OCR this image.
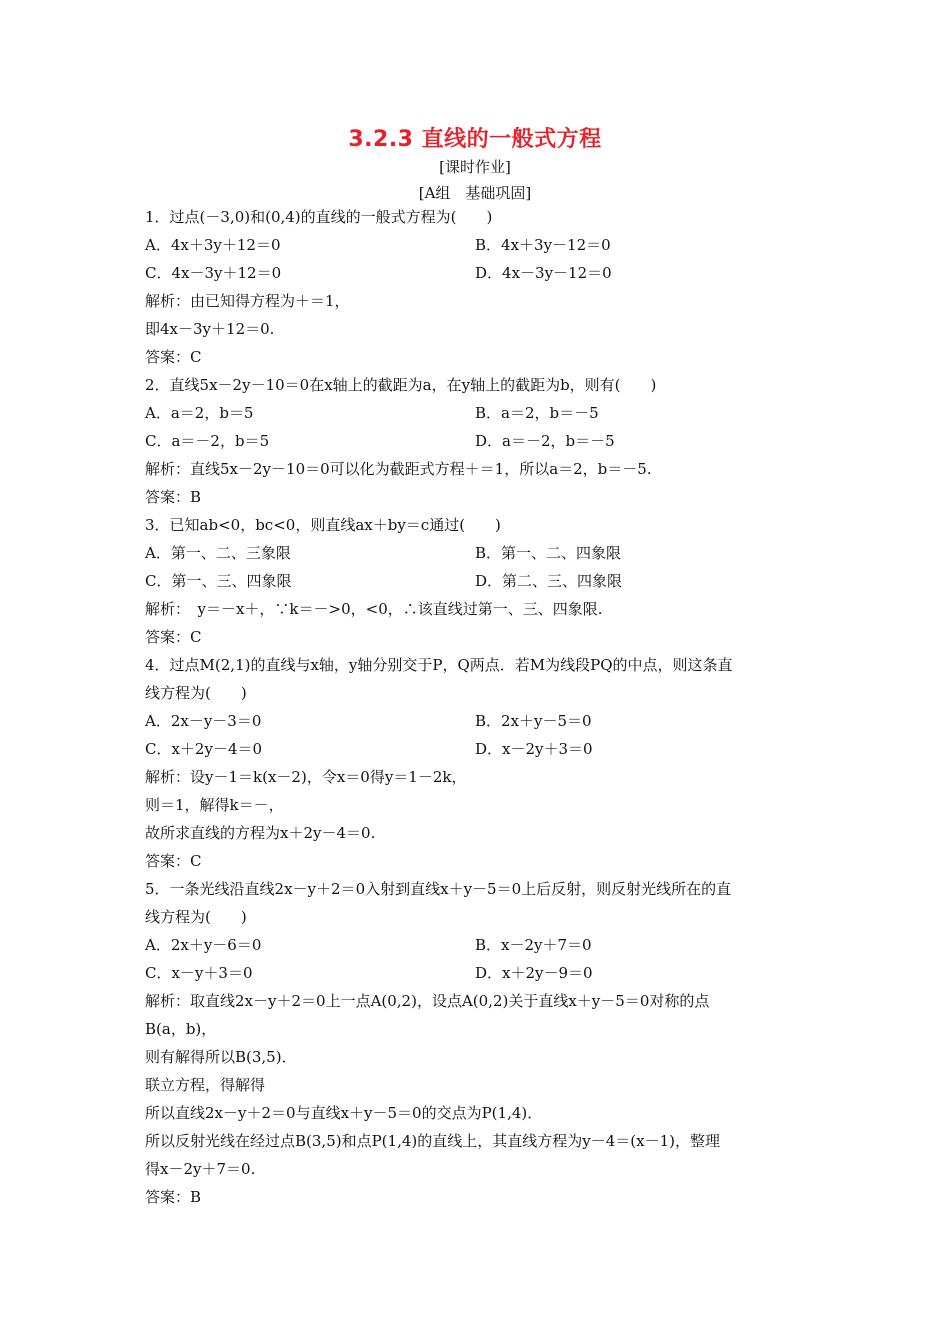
3.2.3 直线的一般式方程
[课时作业]
[A组　基础巩固]
1．过点(－3,0)和(0,4)的直线的一般式方程为(　　)
A．4x＋3y＋12＝0	B．4x＋3y－12＝0
C．4x－3y＋12＝0	D．4x－3y－12＝0
解析：由已知得方程为＋＝1，
即4x－3y＋12＝0.
答案：C
2．直线5x－2y－10＝0在x轴上的截距为a，在y轴上的截距为b，则有(　　)
A．a＝2，b＝5	B．a＝2，b＝－5
C．a＝－2，b＝5	D．a＝－2，b＝－5
解析：直线5x－2y－10＝0可以化为截距式方程＋＝1，所以a＝2，b＝－5.
答案：B
3．已知ab<0，bc<0，则直线ax＋by＝c通过(　　)
A．第一、二、三象限	B．第一、二、四象限
C．第一、三、四象限	D．第二、三、四象限
解析：　y＝－x＋，∵k＝－>0，<0，∴该直线过第一、三、四象限.
答案：C
4．过点M(2,1)的直线与x轴，y轴分别交于P，Q两点．若M为线段PQ的中点，则这条直
线方程为(　　)
A．2x－y－3＝0	B．2x＋y－5＝0
C．x＋2y－4＝0	D．x－2y＋3＝0
解析：设y－1＝k(x－2)，令x＝0得y＝1－2k，
则＝1，解得k＝－，
故所求直线的方程为x＋2y－4＝0.
答案：C
5．一条光线沿直线2x－y＋2＝0入射到直线x＋y－5＝0上后反射，则反射光线所在的直
线方程为(　　)
A．2x＋y－6＝0	B．x－2y＋7＝0
C．x－y＋3＝0	D．x＋2y－9＝0
解析：取直线2x－y＋2＝0上一点A(0,2)，设点A(0,2)关于直线x＋y－5＝0对称的点
B(a，b)，
则有解得所以B(3,5)．
联立方程，得解得
所以直线2x－y＋2＝0与直线x＋y－5＝0的交点为P(1,4)．
所以反射光线在经过点B(3,5)和点P(1,4)的直线上，其直线方程为y－4＝(x－1)，整理
得x－2y＋7＝0.
答案：B
